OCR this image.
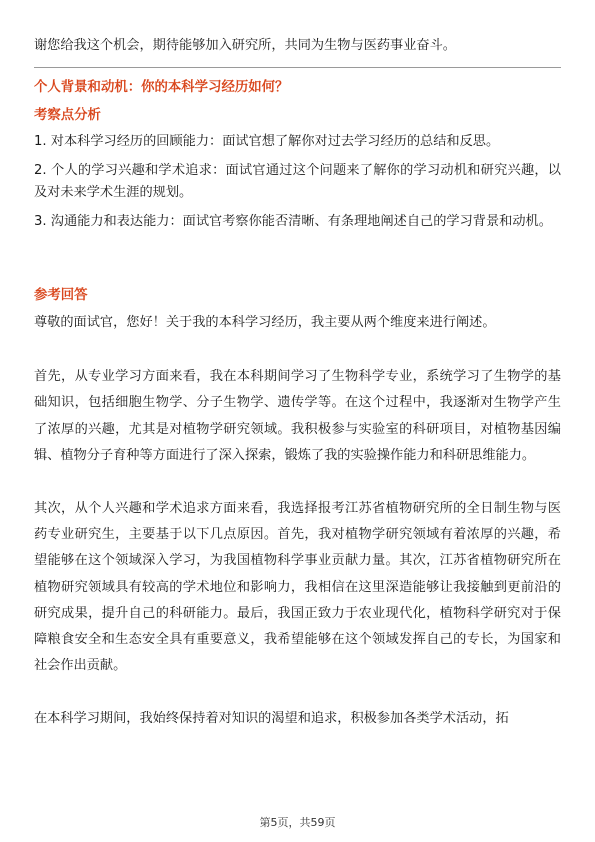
谢您给我这个机会，期待能够加入研究所，共同为生物与医药事业奋斗。
个人背景和动机：你的本科学习经历如何？
考察点分析
1. 对本科学习经历的回顾能力：面试官想了解你对过去学习经历的总结和反思。
2. 个人的学习兴趣和学术追求：面试官通过这个问题来了解你的学习动机和研究兴趣，以及对未来学术生涯的规划。
3. 沟通能力和表达能力：面试官考察你能否清晰、有条理地阐述自己的学习背景和动机。
参考回答

尊敬的面试官，您好！关于我的本科学习经历，我主要从两个维度来进行阐述。

首先，从专业学习方面来看，我在本科期间学习了生物科学专业，系统学习了生物学的基础知识，包括细胞生物学、分子生物学、遗传学等。在这个过程中，我逐渐对生物学产生了浓厚的兴趣，尤其是对植物学研究领域。我积极参与实验室的科研项目，对植物基因编辑、植物分子育种等方面进行了深入探索，锻炼了我的实验操作能力和科研思维能力。

其次，从个人兴趣和学术追求方面来看，我选择报考江苏省植物研究所的全日制生物与医药专业研究生，主要基于以下几点原因。首先，我对植物学研究领域有着浓厚的兴趣，希望能够在这个领域深入学习，为我国植物科学事业贡献力量。其次，江苏省植物研究所在植物研究领域具有较高的学术地位和影响力，我相信在这里深造能够让我接触到更前沿的研究成果，提升自己的科研能力。最后，我国正致力于农业现代化，植物科学研究对于保障粮食安全和生态安全具有重要意义，我希望能够在这个领域发挥自己的专长，为国家和社会作出贡献。

在本科学习期间，我始终保持着对知识的渴望和追求，积极参加各类学术活动，拓

第5页，共59页
